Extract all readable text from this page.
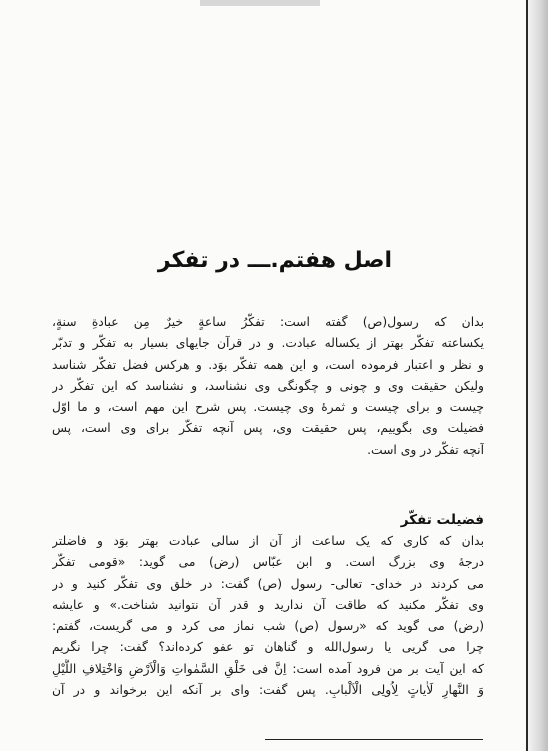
اصل هفتم.ـــ در تفکر
بدان که رسول(ص) گفته است: تفکّرُ ساعةٍ خیرٌ مِن عبادةِ سنةٍ،
یکساعته تفکّر بهتر از یکساله عبادت. و در قرآن جایهای بسیار به تفکّر و تدبّر
و نظر و اعتبار فرموده است، و این همه تفکّر بوَد. و هرکس فضل تفکّر شناسد
ولیکن حقیقت وی و چونی و چگونگی وی نشناسد، و نشناسد که این تفکّر در
چیست و برای چیست و ثمرهٔ وی چیست. پس شرح این مهم است، و ما اوّل
فضیلت وی بگوییم، پس حقیقت وی، پس آنچه تفکّر برای وی است، پس
آنچه تفکّر در وی است.
فضیلت تفکّر
بدان که کاری که یک ساعت از آن از سالی عبادت بهتر بوَد و فاضلتر
درجهٔ وی بزرگ است. و ابن عبّاس (رض) می گوید: «قومی تفکّر
می کردند در خدای- تعالی- رسول (ص) گفت: در خلق وی تفکّر کنید و در
وی تفکّر مکنید که طاقت آن ندارید و قدر آن نتوانید شناخت.» و عایشه
(رض) می گوید که «رسول (ص) شب نماز می کرد و می گریست، گفتم:
چرا می گریی یا رسول‌الله و گناهان تو عفو کرده‌اند؟ گفت: چرا نگریم
که این آیت بر من فرود آمده است: اِنَّ فی خَلْقِ السَّمٰواتِ وَالْاَرْضِ وَاخْتِلافِ اللَّیْلِ
وَ النَّهارِ لَاٰیاتٍ لِاُولِی الْاَلْبابِ. پس گفت: وای بر آنکه این برخواند و در آن
